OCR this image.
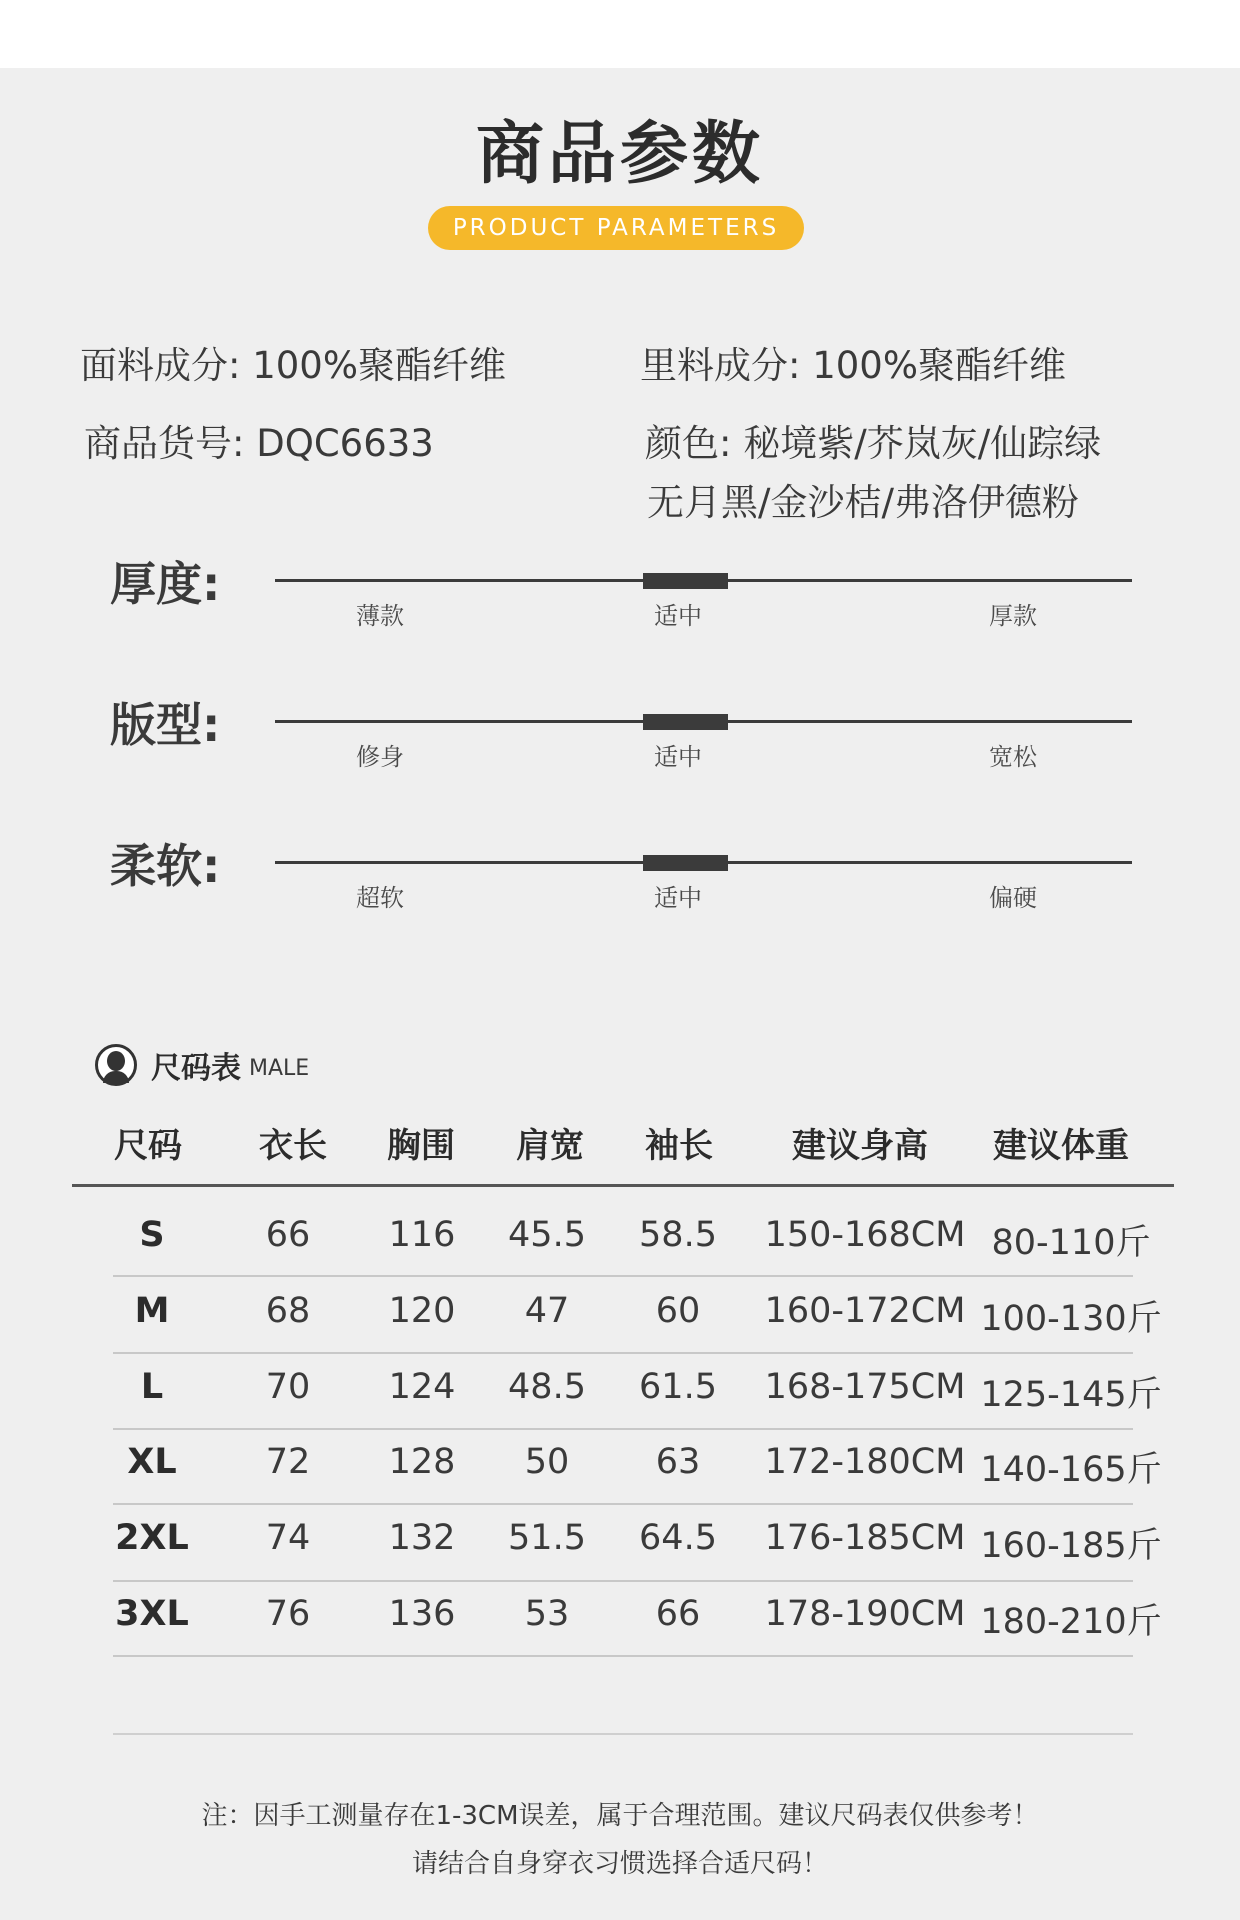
商品参数
PRODUCT PARAMETERS
面料成分: 100%聚酯纤维	里料成分: 100%聚酯纤维
商品货号: DQC6633	颜色: 秘境紫/芥岚灰/仙踪绿
无月黑/金沙桔/弗洛伊德粉
厚度:
薄款	适中	厚款
版型:
修身	适中	宽松
柔软:
超软	适中	偏硬
尺码表 MALE
尺码	衣长	胸围	肩宽	袖长	建议身高	建议体重
S	66	116	45.5	58.5	150-168CM 80-110斤
M	68	120	47	60	160-172CM 100-130斤
L	70	124	48.5	61.5	168-175CM 125-145斤
XL	72	128	50	63	172-180CM 140-165斤
2XL	74	132	51.5	64.5	176-185CM 160-185斤
3XL	76	136	53	66	178-190CM 180-210斤
注：因手工测量存在1-3CM误差，属于合理范围。建议尺码表仅供参考！
请结合自身穿衣习惯选择合适尺码！
